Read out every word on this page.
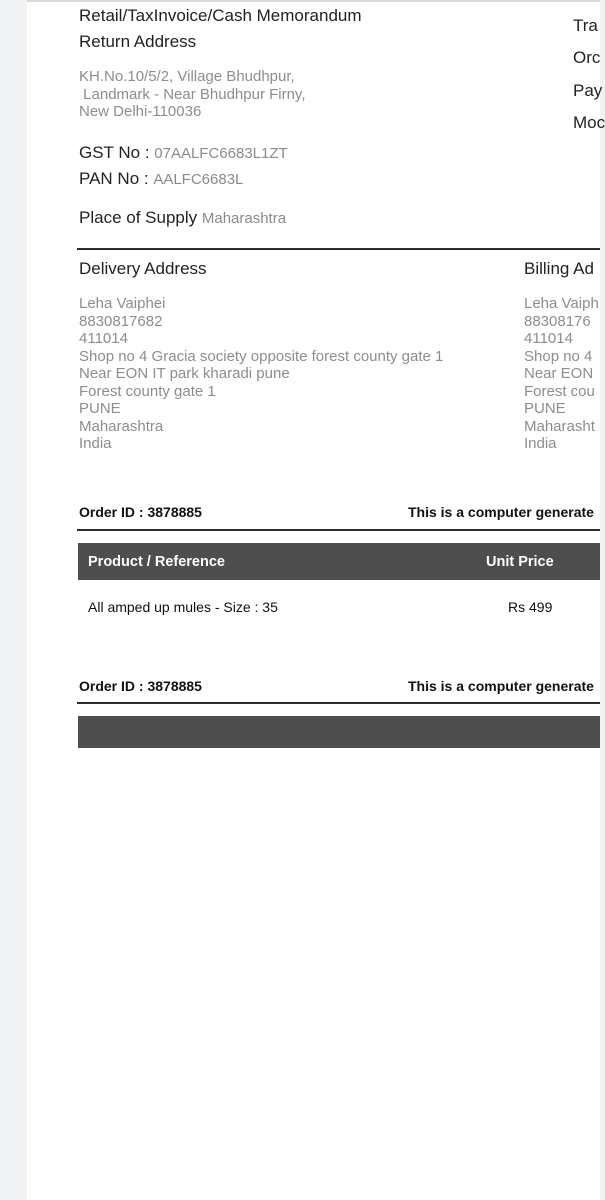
Retail/TaxInvoice/Cash Memorandum
Return Address
KH.No.10/5/2, Village Bhudhpur,
Landmark - Near Bhudhpur Firny,
New Delhi-110036
GST No : 07AALFC6683L1ZT
PAN No : AALFC6683L
Place of Supply Maharashtra
Tra
Orc
Pay
Moc
Delivery Address
Leha Vaiphei
8830817682
411014
Shop no 4 Gracia society opposite forest county gate 1
Near EON IT park kharadi pune
Forest county gate 1
PUNE
Maharashtra
India
Billing Ad
Leha Vaiph
88308176
411014
Shop no 4
Near EON
Forest cou
PUNE
Maharasht
India
Order ID : 3878885	This is a computer generate
Product / Reference	Unit Price
All amped up mules - Size : 35	Rs 499
Order ID : 3878885	This is a computer generate
